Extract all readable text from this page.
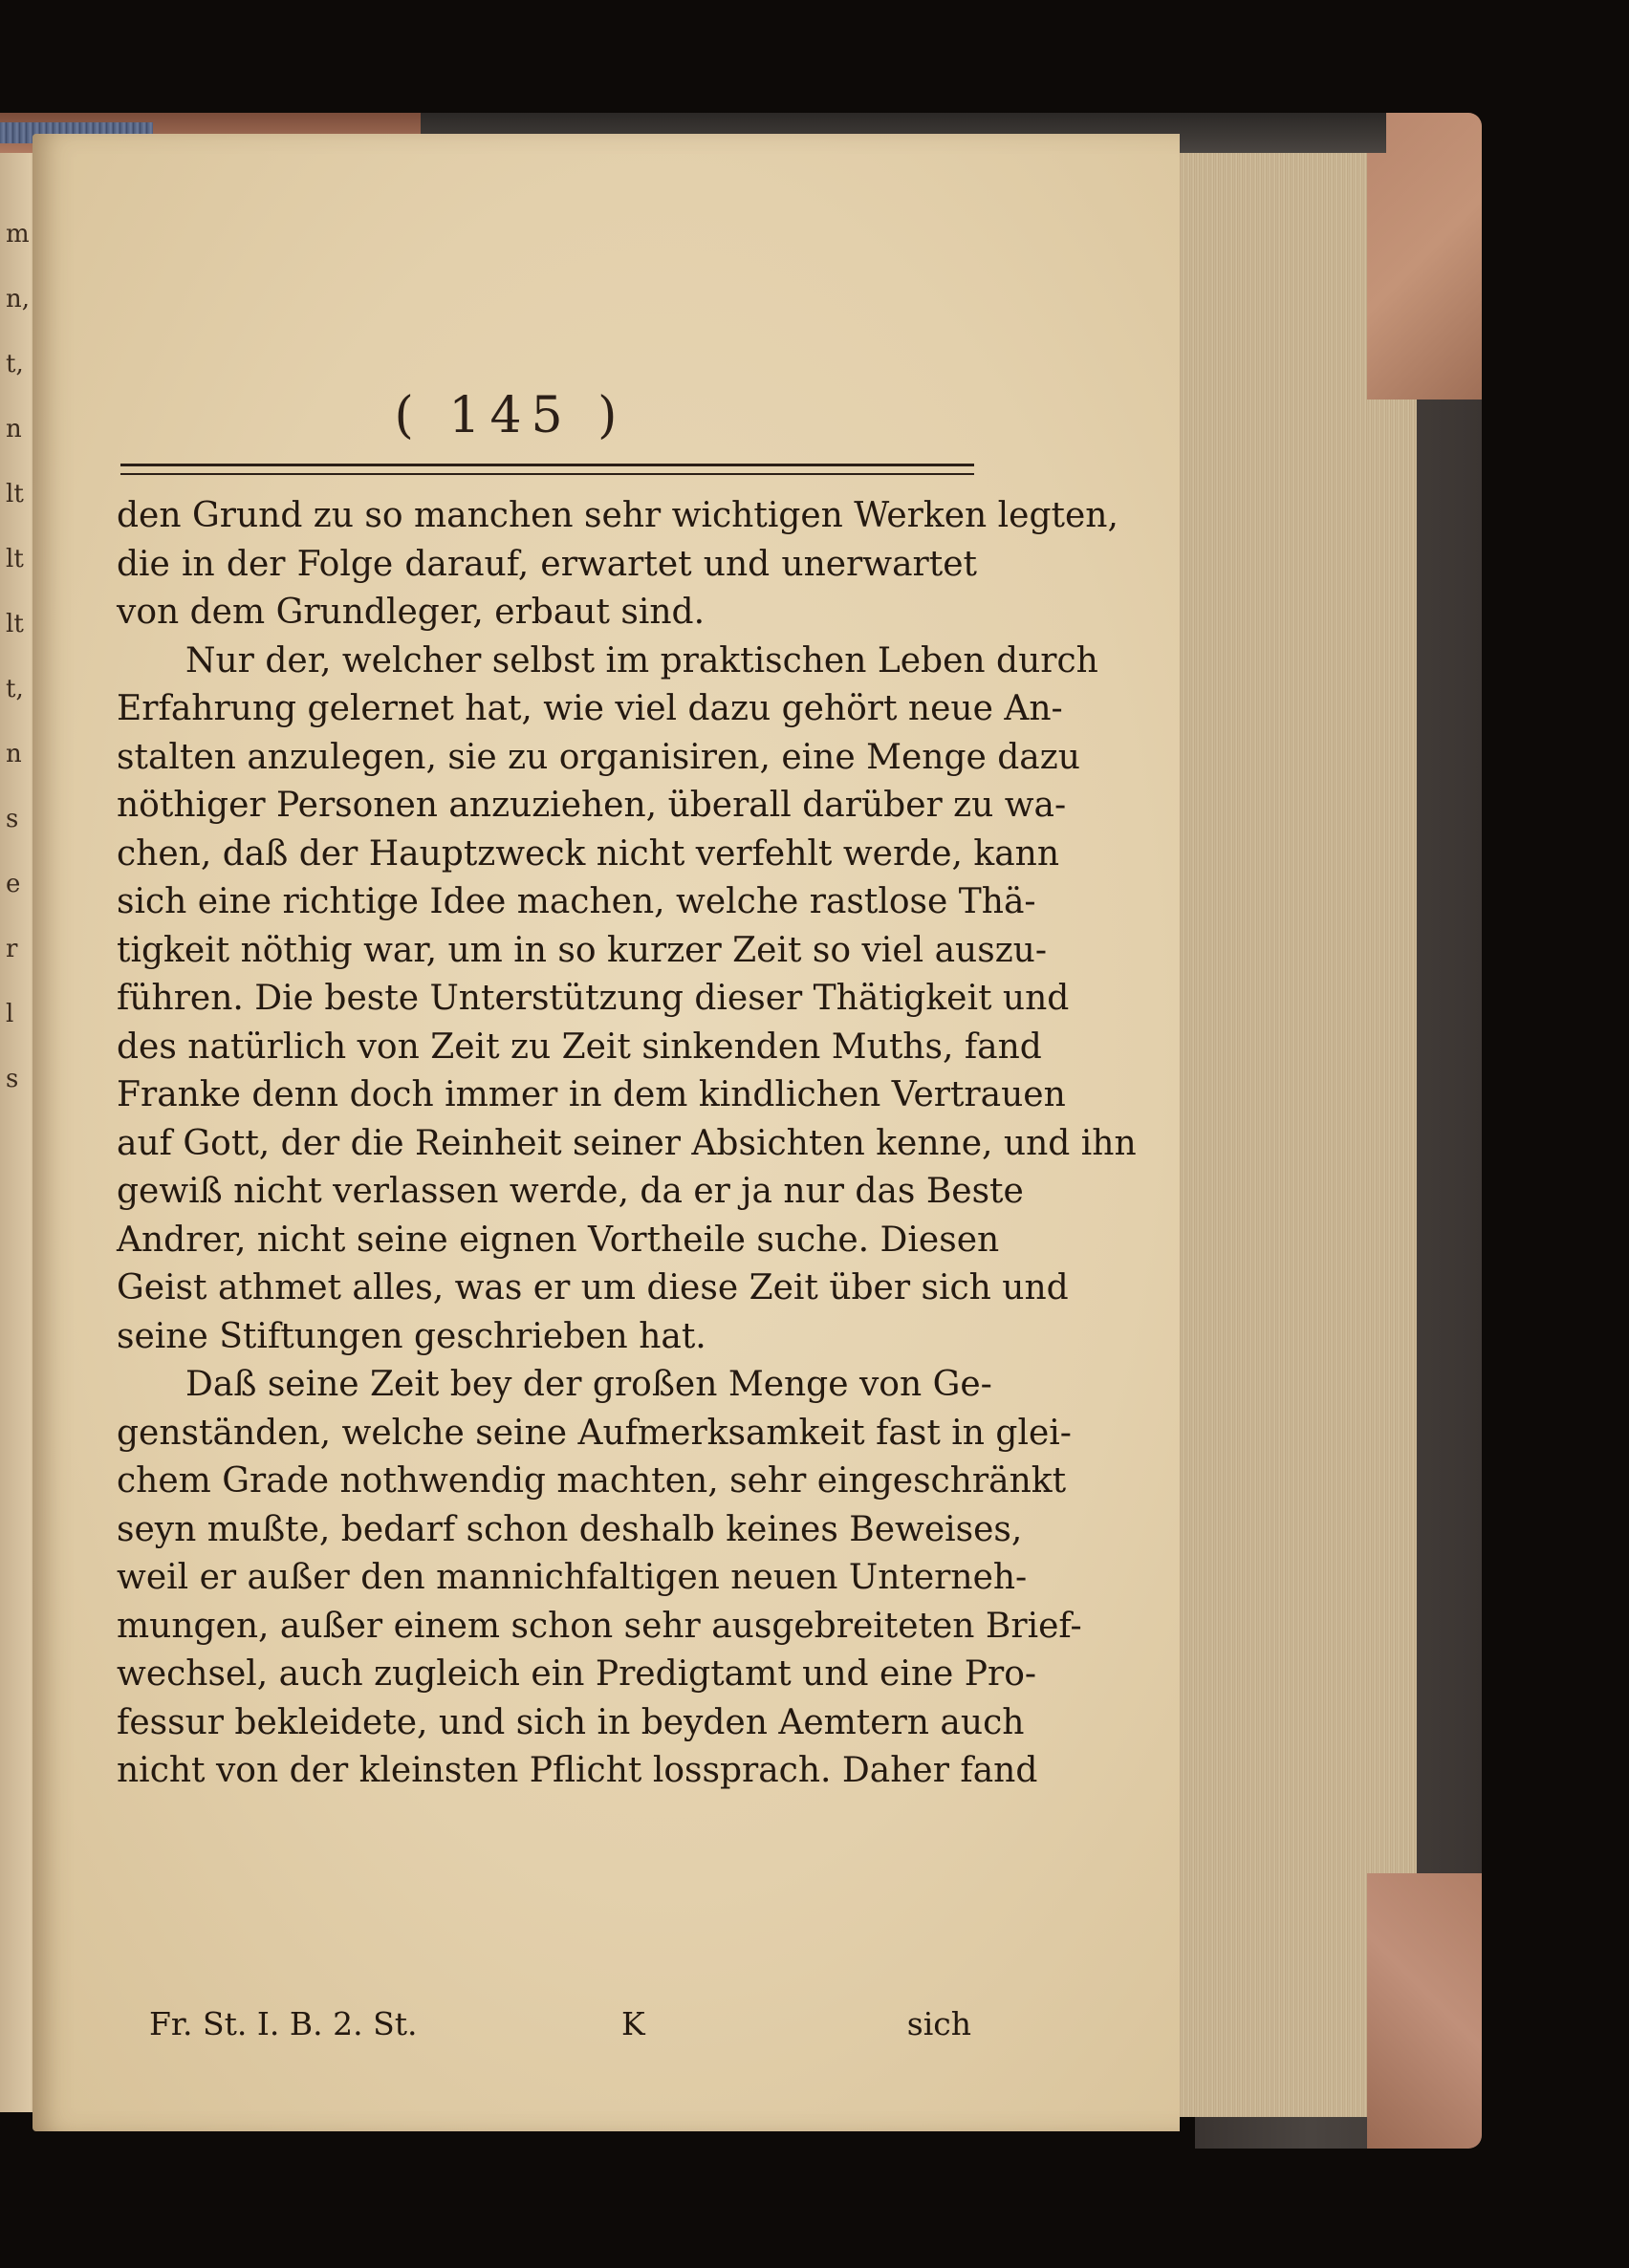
( 145 )
den Grund zu so manchen sehr wichtigen Werken legten,
die in der Folge darauf, erwartet und unerwartet
von dem Grundleger, erbaut sind.
Nur der, welcher selbst im praktischen Leben durch
Erfahrung gelernet hat, wie viel dazu gehört neue An-
stalten anzulegen, sie zu organisiren, eine Menge dazu
nöthiger Personen anzuziehen, überall darüber zu wa-
chen, daß der Hauptzweck nicht verfehlt werde, kann
sich eine richtige Idee machen, welche rastlose Thä-
tigkeit nöthig war, um in so kurzer Zeit so viel auszu-
führen. Die beste Unterstützung dieser Thätigkeit und
des natürlich von Zeit zu Zeit sinkenden Muths, fand
Franke denn doch immer in dem kindlichen Vertrauen
auf Gott, der die Reinheit seiner Absichten kenne, und ihn
gewiß nicht verlassen werde, da er ja nur das Beste
Andrer, nicht seine eignen Vortheile suche. Diesen
Geist athmet alles, was er um diese Zeit über sich und
seine Stiftungen geschrieben hat.
Daß seine Zeit bey der großen Menge von Ge-
genständen, welche seine Aufmerksamkeit fast in glei-
chem Grade nothwendig machten, sehr eingeschränkt
seyn mußte, bedarf schon deshalb keines Beweises,
weil er außer den mannichfaltigen neuen Unterneh-
mungen, außer einem schon sehr ausgebreiteten Brief-
wechsel, auch zugleich ein Predigtamt und eine Pro-
fessur bekleidete, und sich in beyden Aemtern auch
nicht von der kleinsten Pflicht lossprach. Daher fand
Fr. St. I. B. 2. St.	K	sich
m
n,
t,
n
lt
lt
lt
t,
n
s
e
r
l
s
